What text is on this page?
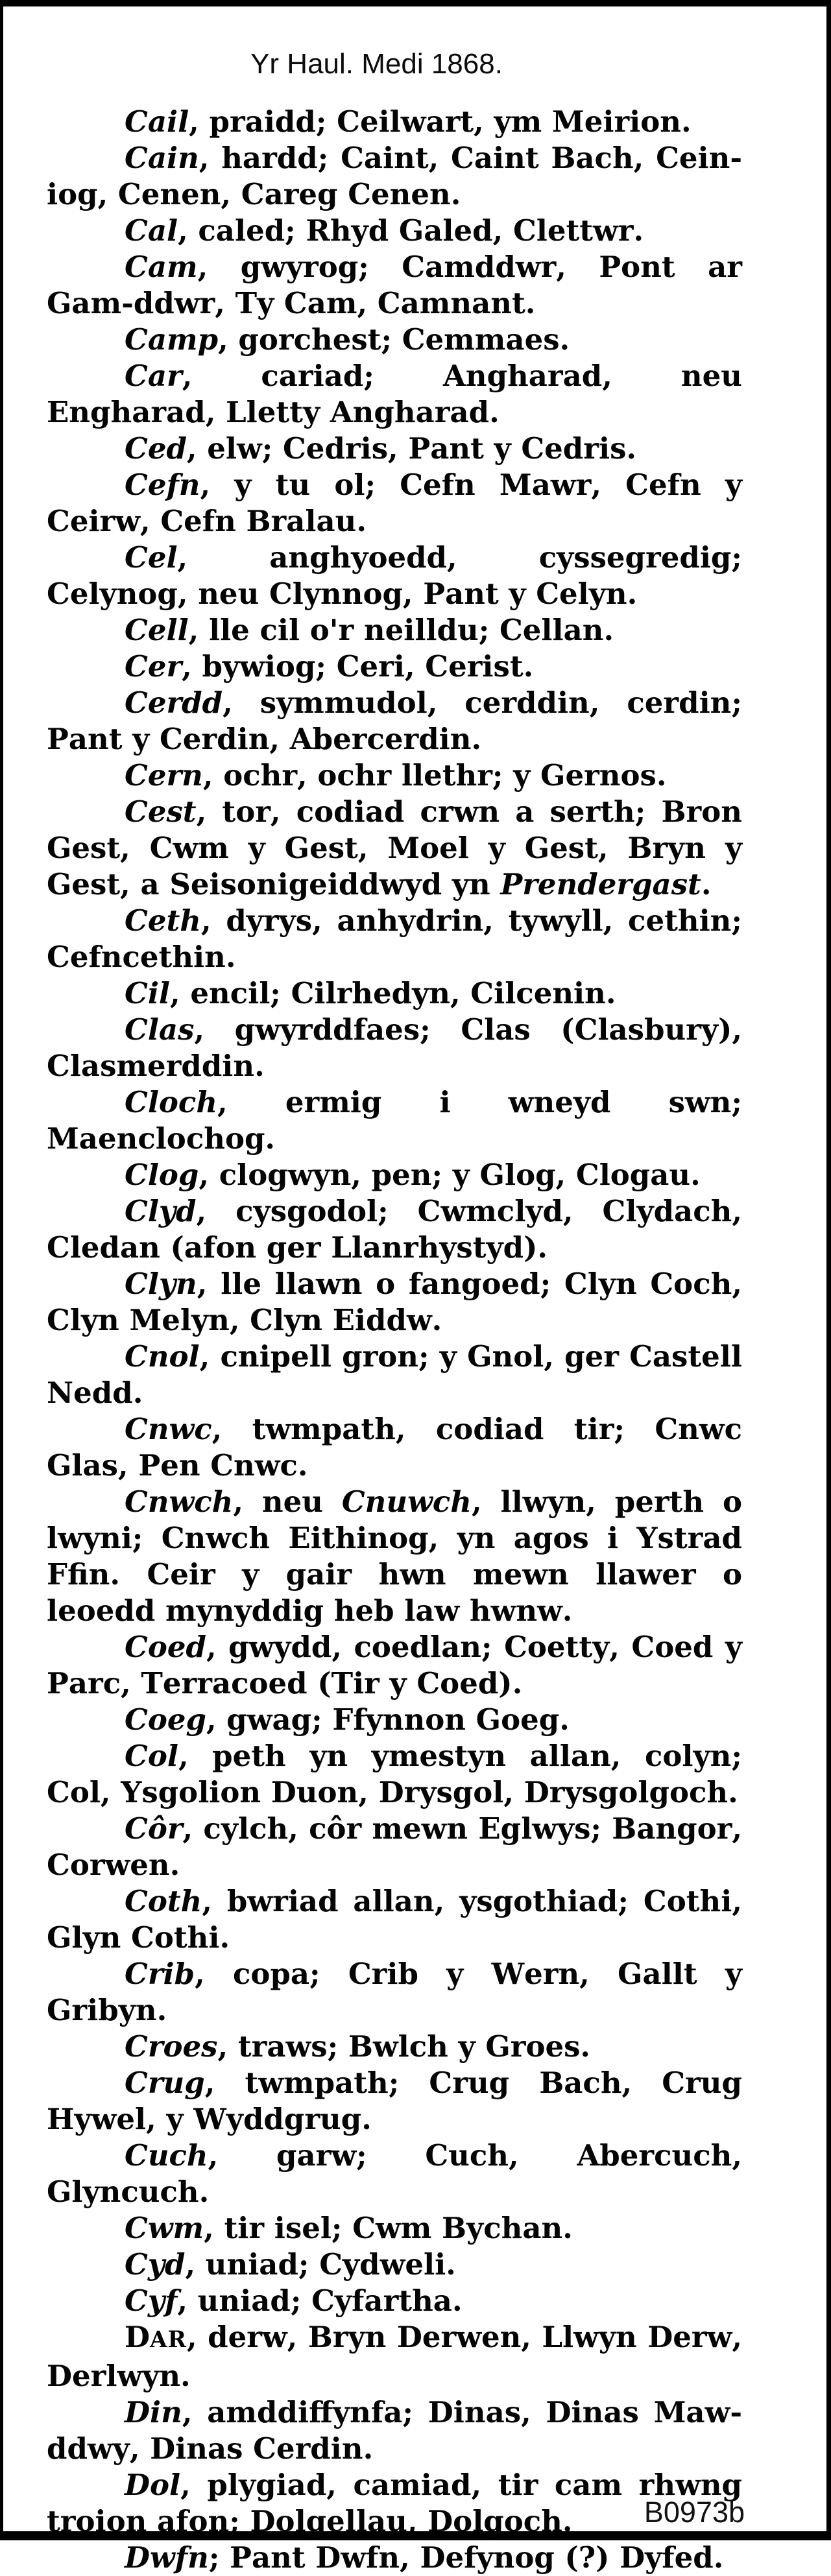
Yr Haul. Medi 1868.

Cail, praidd; Ceilwart, ym Meirion.

Cain, hardd; Caint, Caint Bach, Cein-iog, Cenen, Careg Cenen.

Cal, caled; Rhyd Galed, Clettwr.

Cam, gwyrog; Camddwr, Pont ar Gam-ddwr, Ty Cam, Camnant.

Camp, gorchest; Cemmaes.

Car, cariad; Angharad, neu Engharad, Lletty Angharad.

Ced, elw; Cedris, Pant y Cedris.

Cefn, y tu ol; Cefn Mawr, Cefn y Ceirw, Cefn Bralau.

Cel, anghyoedd, cyssegredig; Celynog, neu Clynnog, Pant y Celyn.

Cell, lle cil o'r neilldu; Cellan.

Cer, bywiog; Ceri, Cerist.

Cerdd, symmudol, cerddin, cerdin; Pant y Cerdin, Abercerdin.

Cern, ochr, ochr llethr; y Gernos.

Cest, tor, codiad crwn a serth; Bron Gest, Cwm y Gest, Moel y Gest, Bryn y Gest, a Seisonigeiddwyd yn Prendergast.

Ceth, dyrys, anhydrin, tywyll, cethin; Cefncethin.

Cil, encil; Cilrhedyn, Cilcenin.

Clas, gwyrddfaes; Clas (Clasbury), Clasmerddin.

Cloch, ermig i wneyd swn; Maenclochog.

Clog, clogwyn, pen; y Glog, Clogau.

Clyd, cysgodol; Cwmclyd, Clydach, Cledan (afon ger Llanrhystyd).

Clyn, lle llawn o fangoed; Clyn Coch, Clyn Melyn, Clyn Eiddw.

Cnol, cnipell gron; y Gnol, ger Castell Nedd.

Cnwc, twmpath, codiad tir; Cnwc Glas, Pen Cnwc.

Cnwch, neu Cnuwch, llwyn, perth o lwyni; Cnwch Eithinog, yn agos i Ystrad Ffin. Ceir y gair hwn mewn llawer o leoedd mynyddig heb law hwnw.

Coed, gwydd, coedlan; Coetty, Coed y Parc, Terracoed (Tir y Coed).

Coeg, gwag; Ffynnon Goeg.

Col, peth yn ymestyn allan, colyn; Col, Ysgolion Duon, Drysgol, Drysgolgoch.

Côr, cylch, côr mewn Eglwys; Bangor, Corwen.

Coth, bwriad allan, ysgothiad; Cothi, Glyn Cothi.

Crib, copa; Crib y Wern, Gallt y Gribyn.

Croes, traws; Bwlch y Groes.

Crug, twmpath; Crug Bach, Crug Hywel, y Wyddgrug.

Cuch, garw; Cuch, Abercuch, Glyncuch.

Cwm, tir isel; Cwm Bychan.

Cyd, uniad; Cydweli.

Cyf, uniad; Cyfartha.

DAR, derw, Bryn Derwen, Llwyn Derw, Derlwyn.

Din, amddiffynfa; Dinas, Dinas Maw-ddwy, Dinas Cerdin.

Dol, plygiad, camiad, tir cam rhwng troion afon; Dolgellau, Dolgoch.

Dwfn; Pant Dwfn, Defynog (?) Dyfed.

B0973b
